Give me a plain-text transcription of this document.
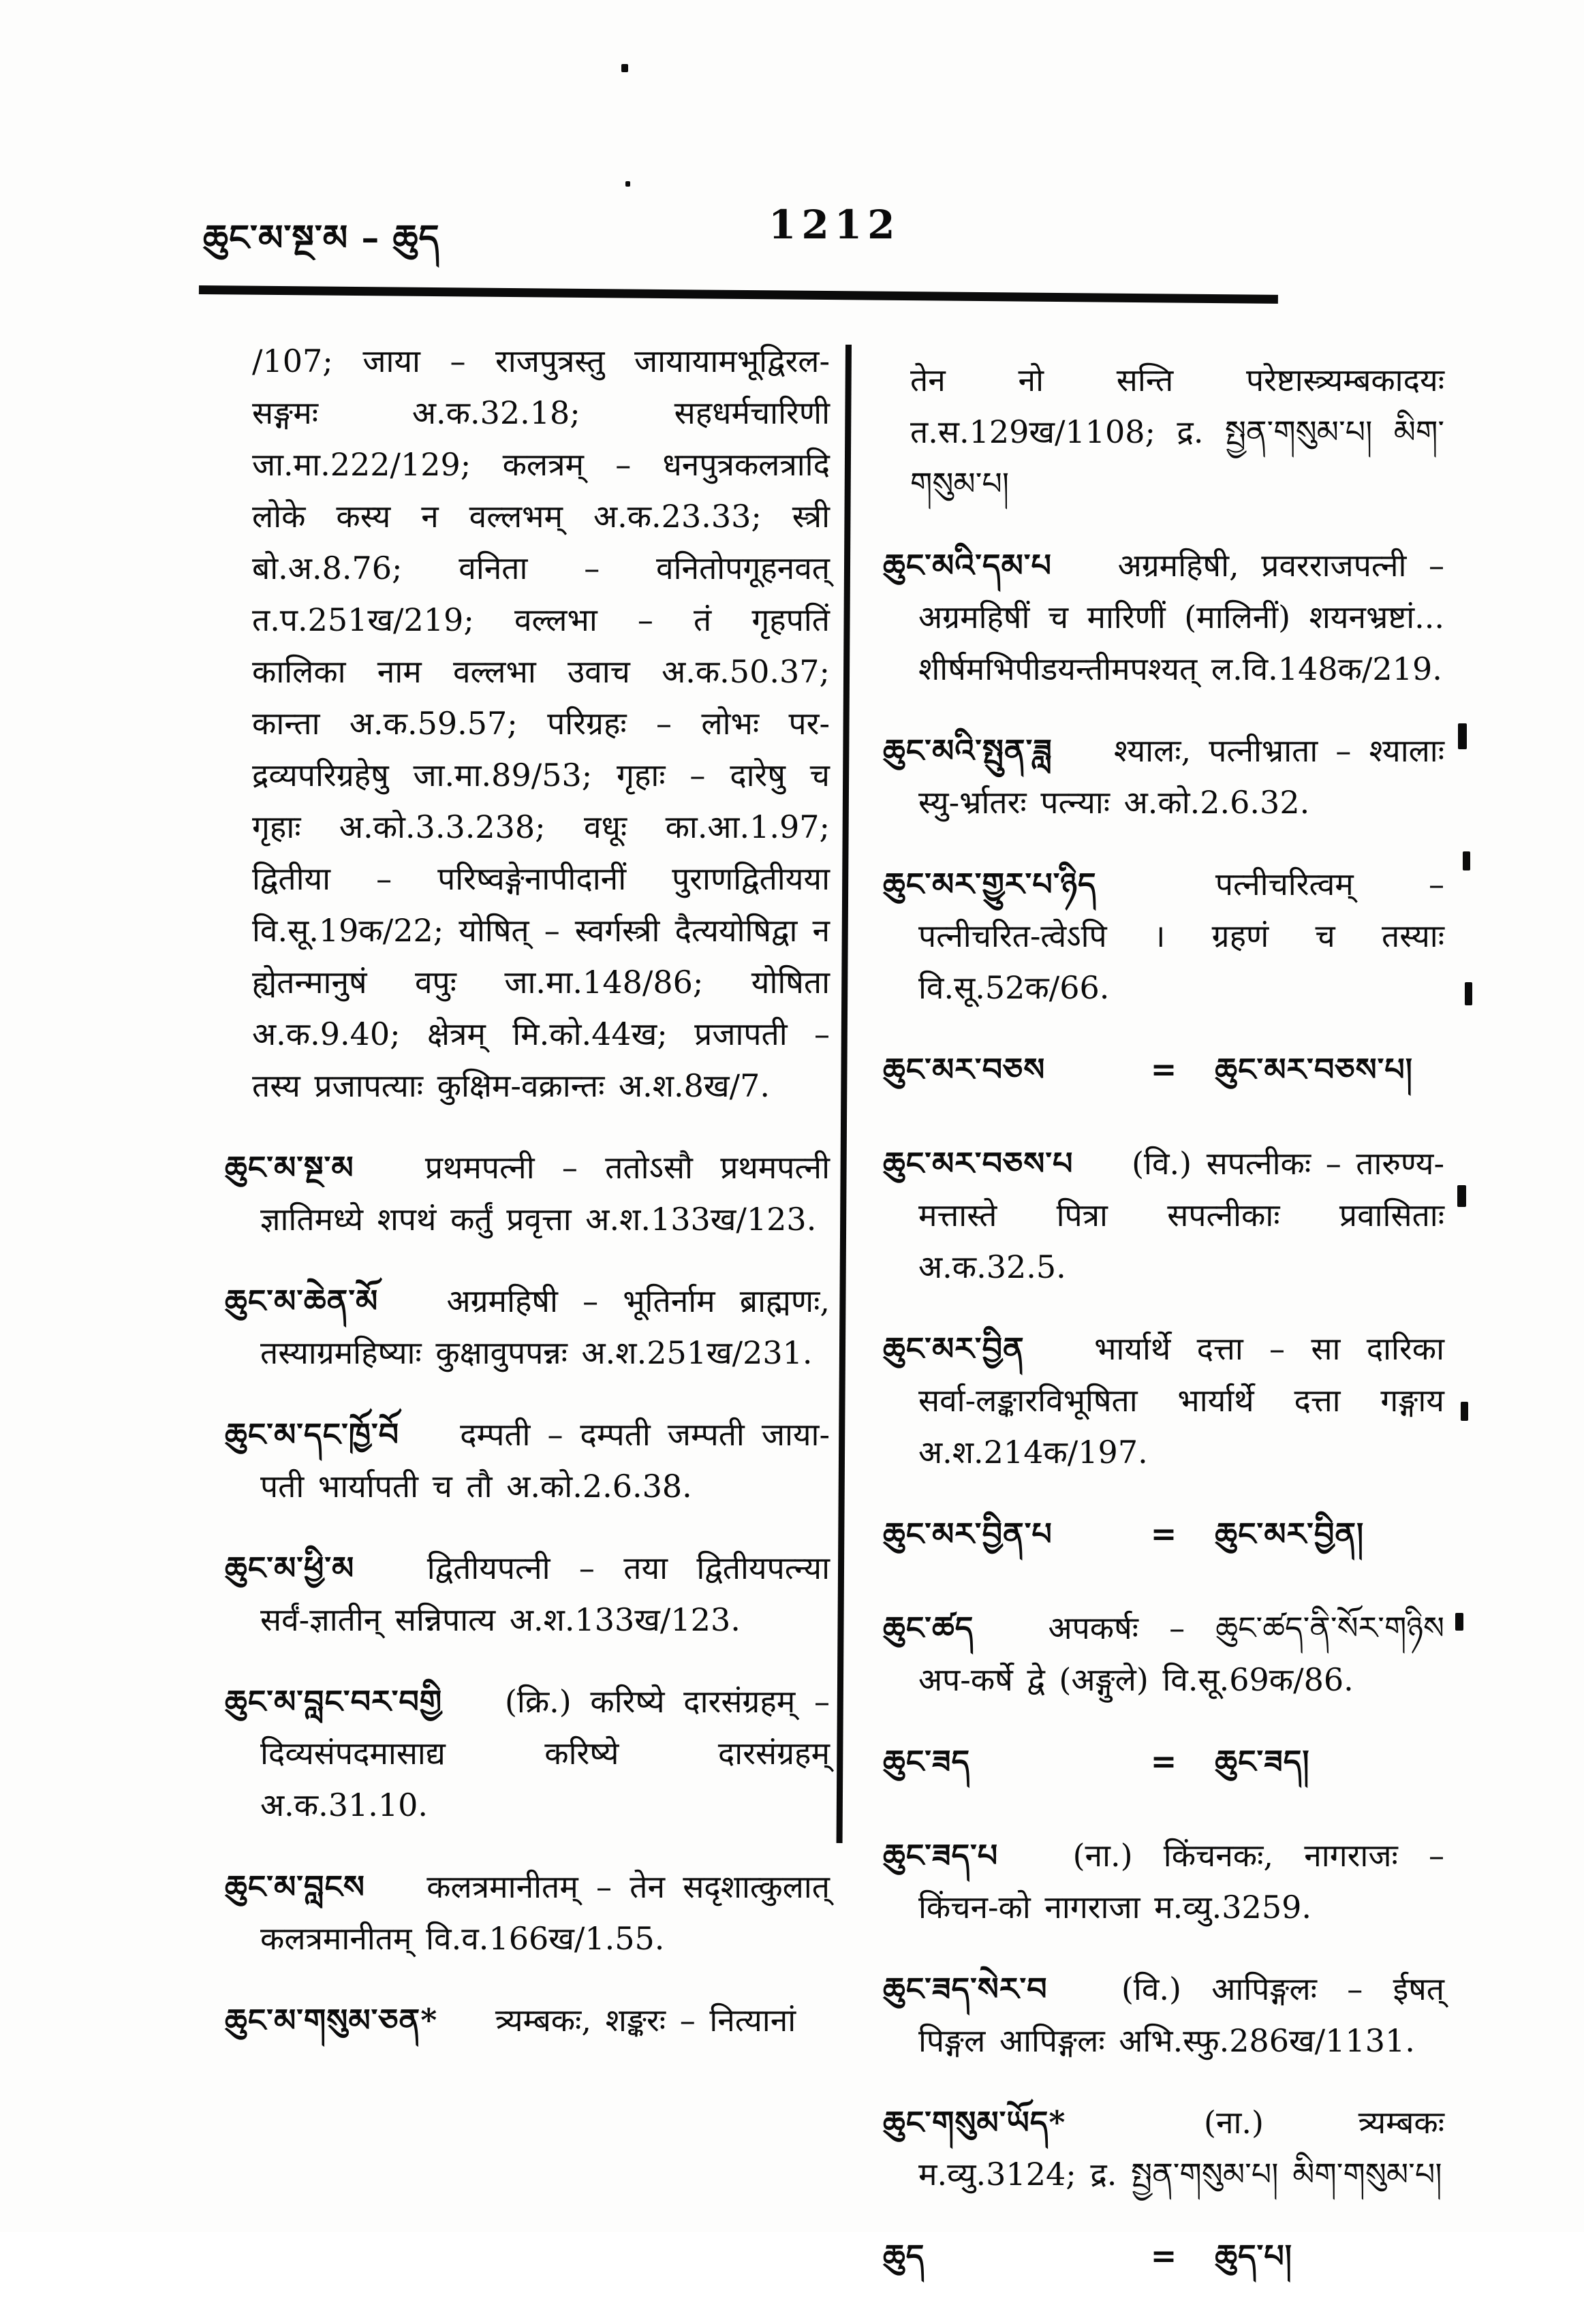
ཆུང་མ་སྔ་མ – ཆུད	1212

/107; जाया – राजपुत्रस्तु जायायामभूद्विरल-सङ्गमः अ.क.32.18; सहधर्मचारिणी जा.मा.222/129; कलत्रम् – धनपुत्रकलत्रादि लोके कस्य न वल्लभम् अ.क.23.33; स्त्री बो.अ.8.76; वनिता – वनितोपगूहनवत् त.प.251ख/219; वल्लभा – तं गृहपतिं कालिका नाम वल्लभा उवाच अ.क.50.37; कान्ता अ.क.59.57; परिग्रहः – लोभः पर-द्रव्यपरिग्रहेषु जा.मा.89/53; गृहाः – दारेषु च गृहाः अ.को.3.3.238; वधूः का.आ.1.97; द्वितीया – परिष्वङ्गेनापीदानीं पुराणद्वितीयया वि.सू.19क/22; योषित् – स्वर्गस्त्री दैत्ययोषिद्वा न ह्येतन्मानुषं वपुः जा.मा.148/86; योषिता अ.क.9.40; क्षेत्रम् मि.को.44ख; प्रजापती – तस्य प्रजापत्याः कुक्षिम-वक्रान्तः अ.श.8ख/7.

ཆུང་མ་སྔ་མ प्रथमपत्नी – ततोऽसौ प्रथमपत्नी ज्ञातिमध्ये शपथं कर्तुं प्रवृत्ता अ.श.133ख/123.

ཆུང་མ་ཆེན་མོ अग्रमहिषी – भूतिर्नाम ब्राह्मणः, तस्याग्रमहिष्याः कुक्षावुपपन्नः अ.श.251ख/231.

ཆུང་མ་དང་ཁྱོ་བོ दम्पती – दम्पती जम्पती जाया-पती भार्यापती च तौ अ.को.2.6.38.

ཆུང་མ་ཕྱི་མ द्वितीयपत्नी – तया द्वितीयपत्न्या सर्वं-ज्ञातीन् सन्निपात्य अ.श.133ख/123.

ཆུང་མ་བླང་བར་བགྱི (क्रि.) करिष्ये दारसंग्रहम् – दिव्यसंपदमासाद्य करिष्ये दारसंग्रहम् अ.क.31.10.

ཆུང་མ་བླངས कलत्रमानीतम् – तेन सदृशात्कुलात् कलत्रमानीतम् वि.व.166ख/1.55.

ཆུང་མ་གསུམ་ཅན* त्र्यम्बकः, शङ्करः – नित्यानां

तेन नो सन्ति परेष्टास्त्र्यम्बकादयः त.स.129ख/1108; द्र. སྤྱན་གསུམ་པ། མིག་གསུམ་པ།

ཆུང་མའི་དམ་པ अग्रमहिषी, प्रवरराजपत्नी – अग्रमहिषीं च मारिणीं (मालिनीं) शयनभ्रष्टां... शीर्षमभिपीडयन्तीमपश्यत् ल.वि.148क/219.

ཆུང་མའི་སྤུན་ཟླ श्यालः, पत्नीभ्राता – श्यालाः स्यु-र्भ्रातरः पत्न्याः अ.को.2.6.32.

ཆུང་མར་གྱུར་པ་ཉིད	पत्नीचरित्वम् – पत्नीचरित-त्वेऽपि । ग्रहणं च तस्याः वि.सू.52क/66.

ཆུང་མར་བཅས	=	ཆུང་མར་བཅས་པ།

ཆུང་མར་བཅས་པ (वि.) सपत्नीकः – तारुण्य-मत्तास्ते पित्रा सपत्नीकाः प्रवासिताः अ.क.32.5.

ཆུང་མར་བྱིན भार्यार्थे दत्ता – सा दारिका सर्वा-लङ्कारविभूषिता भार्यार्थे दत्ता गङ्गाय अ.श.214क/197.

ཆུང་མར་བྱིན་པ	=	ཆུང་མར་བྱིན།

ཆུང་ཚད अपकर्षः – ཆུང་ཚད་ནི་སོར་གཉིས अप-कर्षे द्वे (अङ्गुले) वि.सू.69क/86.

ཆུང་ཟད	=	ཆུང་ཟད།

ཆུང་ཟད་པ (ना.) किंचनकः, नागराजः – किंचन-को नागराजा म.व्यु.3259.

ཆུང་ཟད་སེར་བ (वि.) आपिङ्गलः – ईषत् पिङ्गल आपिङ्गलः अभि.स्फु.286ख/1131.

ཆུང་གསུམ་ཡོད*	(ना.) त्र्यम्बकः म.व्यु.3124; द्र. སྤྱན་གསུམ་པ། མིག་གསུམ་པ།

ཆུད	=	ཆུད་པ།
